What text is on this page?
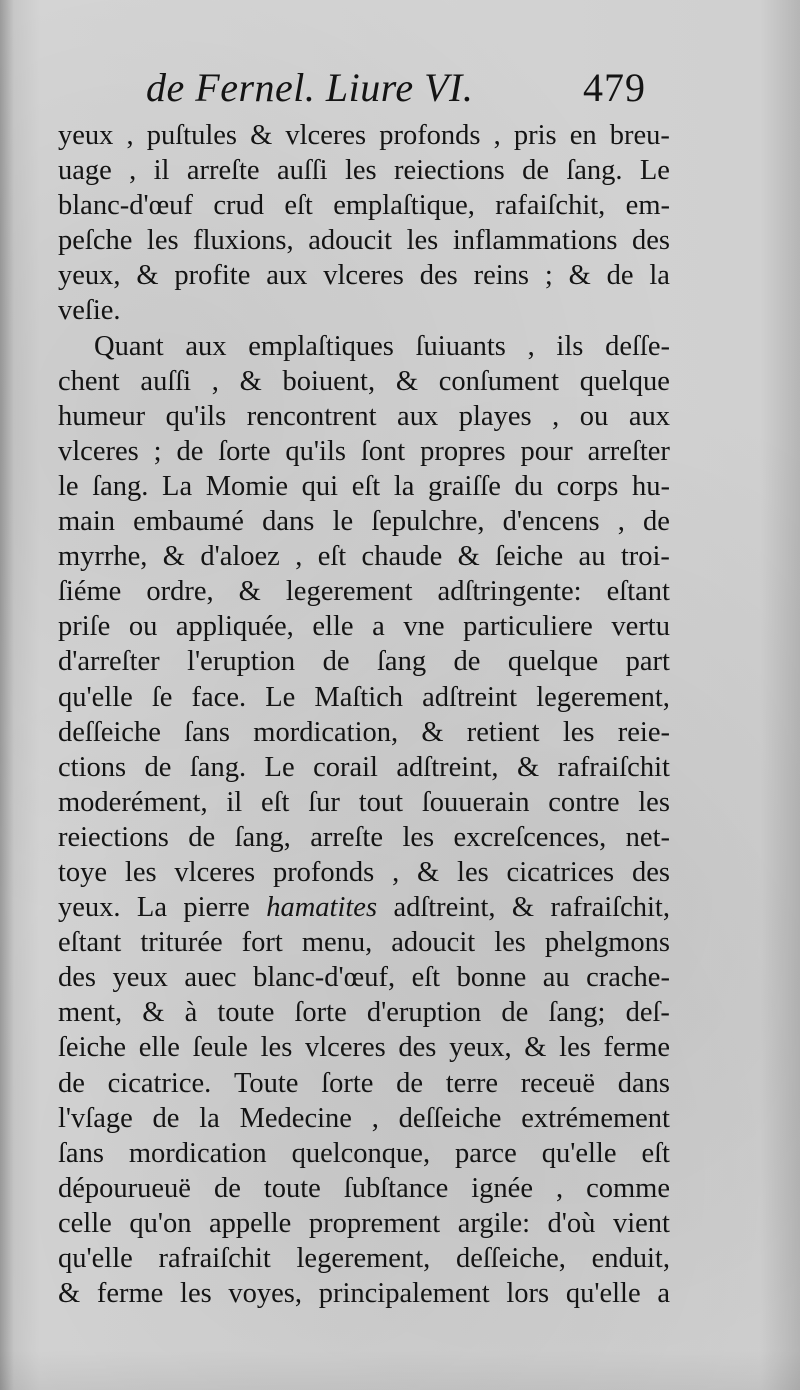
de Fernel. Liure VI.	479
yeux , puſtules & vlceres profonds , pris en breu-
uage , il arreſte auſſi les reiections de ſang. Le
blanc-d'œuf crud eſt emplaſtique, rafaiſchit, em-
peſche les fluxions, adoucit les inflammations des
yeux, & profite aux vlceres des reins ; & de la
veſie.
Quant aux emplaſtiques ſuiuants , ils deſſe-
chent auſſi , & boiuent, & conſument quelque
humeur qu'ils rencontrent aux playes , ou aux
vlceres ; de ſorte qu'ils ſont propres pour arreſter
le ſang. La Momie qui eſt la graiſſe du corps hu-
main embaumé dans le ſepulchre, d'encens , de
myrrhe, & d'aloez , eſt chaude & ſeiche au troi-
ſiéme ordre, & legerement adſtringente: eſtant
priſe ou appliquée, elle a vne particuliere vertu
d'arreſter l'eruption de ſang de quelque part
qu'elle ſe face. Le Maſtich adſtreint legerement,
deſſeiche ſans mordication, & retient les reie-
ctions de ſang. Le corail adſtreint, & rafraiſchit
moderément, il eſt ſur tout ſouuerain contre les
reiections de ſang, arreſte les excreſcences, net-
toye les vlceres profonds , & les cicatrices des
yeux. La pierre hamatites adſtreint, & rafraiſchit,
eſtant triturée fort menu, adoucit les phelgmons
des yeux auec blanc-d'œuf, eſt bonne au crache-
ment, & à toute ſorte d'eruption de ſang; deſ-
ſeiche elle ſeule les vlceres des yeux, & les ferme
de cicatrice. Toute ſorte de terre receuë dans
l'vſage de la Medecine , deſſeiche extrémement
ſans mordication quelconque, parce qu'elle eſt
dépourueuë de toute ſubſtance ignée , comme
celle qu'on appelle proprement argile: d'où vient
qu'elle rafraiſchit legerement, deſſeiche, enduit,
& ferme les voyes, principalement lors qu'elle a
